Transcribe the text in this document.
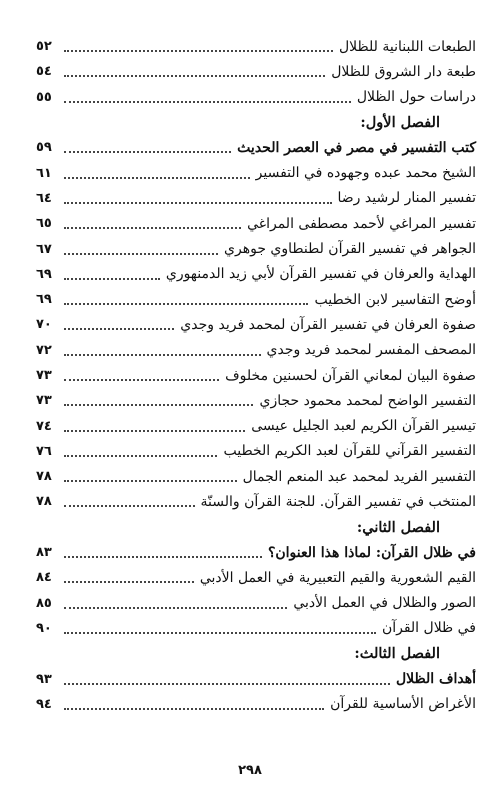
الطبعات اللبنانية للظلال
٥٢
طبعة دار الشروق للظلال
٥٤
دراسات حول الظلال
٥٥
الفصل الأول:
كتب التفسير في مصر في العصر الحديث
٥٩
الشيخ محمد عبده وجهوده في التفسير
٦١
تفسير المنار لرشيد رضا
٦٤
تفسير المراغي لأحمد مصطفى المراغي
٦٥
الجواهر في تفسير القرآن لطنطاوي جوهري
٦٧
الهداية والعرفان في تفسير القرآن لأبي زيد الدمنهوري
٦٩
أوضح التفاسير لابن الخطيب
٦٩
صفوة العرفان في تفسير القرآن لمحمد فريد وجدي
٧٠
المصحف المفسر لمحمد فريد وجدي
٧٢
صفوة البيان لمعاني القرآن لحسنين مخلوف
٧٣
التفسير الواضح لمحمد محمود حجازي
٧٣
تيسير القرآن الكريم لعبد الجليل عيسى
٧٤
التفسير القرآني للقرآن لعبد الكريم الخطيب
٧٦
التفسير الفريد لمحمد عبد المنعم الجمال
٧٨
المنتخب في تفسير القرآن. للجنة القرآن والسنّة
٧٨
الفصل الثاني:
في ظلال القرآن: لماذا هذا العنوان؟
٨٣
القيم الشعورية والقيم التعبيرية في العمل الأدبي
٨٤
الصور والظلال في العمل الأدبي
٨٥
في ظلال القرآن
٩٠
الفصل الثالث:
أهداف الظلال
٩٣
الأغراض الأساسية للقرآن
٩٤
٢٩٨
